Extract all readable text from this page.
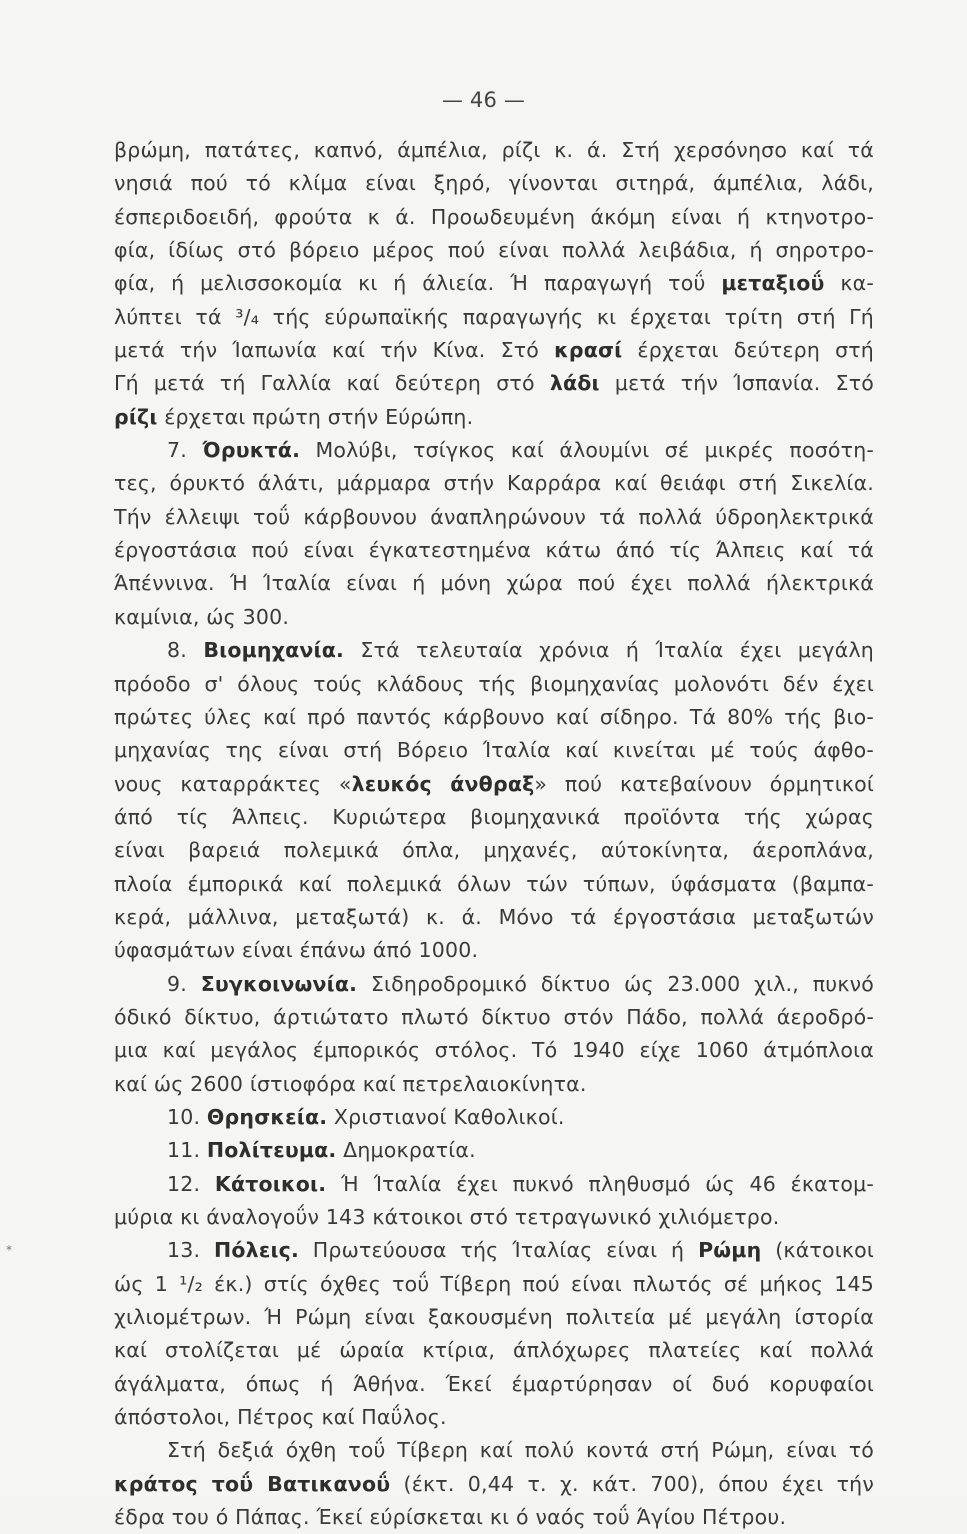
— 46 —
*
βρώμη, πατάτες, καπνό, άμπέλια, ρίζι κ. ά. Στή χερσόνησο καί τά
νησιά πού τό κλίμα είναι ξηρό, γίνονται σιτηρά, άμπέλια, λάδι,
έσπεριδοειδή, φρούτα κ ά. Προωδευμένη άκόμη είναι ή κτηνοτρο-
φία, ίδίως στό βόρειο μέρος πού είναι πολλά λειβάδια, ή σηροτρο-
φία, ή μελισσοκομία κι ή άλιεία. Ή παραγωγή τοΰ μεταξιοΰ κα-
λύπτει τά ³/₄ τής εύρωπαϊκής παραγωγής κι έρχεται τρίτη στή Γή
μετά τήν Ίαπωνία καί τήν Κίνα. Στό κρασί έρχεται δεύτερη στή
Γή μετά τή Γαλλία καί δεύτερη στό λάδι μετά τήν Ίσπανία. Στό
ρίζι έρχεται πρώτη στήν Εύρώπη.
7. Όρυκτά. Μολύβι, τσίγκος καί άλουμίνι σέ μικρές ποσότη-
τες, όρυκτό άλάτι, μάρμαρα στήν Καρράρα καί θειάφι στή Σικελία.
Τήν έλλειψι τοΰ κάρβουνου άναπληρώνουν τά πολλά ύδροηλεκτρικά
έργοστάσια πού είναι έγκατεστημένα κάτω άπό τίς Άλπεις καί τά
Άπέννινα. Ή Ίταλία είναι ή μόνη χώρα πού έχει πολλά ήλεκτρικά
καμίνια, ώς 300.
8. Βιομηχανία. Στά τελευταία χρόνια ή Ίταλία έχει μεγάλη
πρόοδο σ' όλους τούς κλάδους τής βιομηχανίας μολονότι δέν έχει
πρώτες ύλες καί πρό παντός κάρβουνο καί σίδηρο. Τά 80% τής βιο-
μηχανίας της είναι στή Βόρειο Ίταλία καί κινείται μέ τούς άφθο-
νους καταρράκτες «λευκός άνθραξ» πού κατεβαίνουν όρμητικοί
άπό τίς Άλπεις. Κυριώτερα βιομηχανικά προϊόντα τής χώρας
είναι βαρειά πολεμικά όπλα, μηχανές, αύτοκίνητα, άεροπλάνα,
πλοία έμπορικά καί πολεμικά όλων τών τύπων, ύφάσματα (βαμπα-
κερά, μάλλινα, μεταξωτά) κ. ά. Μόνο τά έργοστάσια μεταξωτών
ύφασμάτων είναι έπάνω άπό 1000.
9. Συγκοινωνία. Σιδηροδρομικό δίκτυο ώς 23.000 χιλ., πυκνό
όδικό δίκτυο, άρτιώτατο πλωτό δίκτυο στόν Πάδο, πολλά άεροδρό-
μια καί μεγάλος έμπορικός στόλος. Τό 1940 είχε 1060 άτμόπλοια
καί ώς 2600 ίστιοφόρα καί πετρελαιοκίνητα.
10. Θρησκεία. Χριστιανοί Καθολικοί.
11. Πολίτευμα. Δημοκρατία.
12. Κάτοικοι. Ή Ίταλία έχει πυκνό πληθυσμό ώς 46 έκατομ-
μύρια κι άναλογοΰν 143 κάτοικοι στό τετραγωνικό χιλιόμετρο.
13. Πόλεις. Πρωτεύουσα τής Ίταλίας είναι ή Ρώμη (κάτοικοι
ώς 1 ¹/₂ έκ.) στίς όχθες τοΰ Τίβερη πού είναι πλωτός σέ μήκος 145
χιλιομέτρων. Ή Ρώμη είναι ξακουσμένη πολιτεία μέ μεγάλη ίστορία
καί στολίζεται μέ ώραία κτίρια, άπλόχωρες πλατείες καί πολλά
άγάλματα, όπως ή Άθήνα. Έκεί έμαρτύρησαν οί δυό κορυφαίοι
άπόστολοι, Πέτρος καί Παΰλος.
Στή δεξιά όχθη τοΰ Τίβερη καί πολύ κοντά στή Ρώμη, είναι τό
κράτος τοΰ Βατικανοΰ (έκτ. 0,44 τ. χ. κάτ. 700), όπου έχει τήν
έδρα του ό Πάπας. Έκεί εύρίσκεται κι ό ναός τοΰ Άγίου Πέτρου.
